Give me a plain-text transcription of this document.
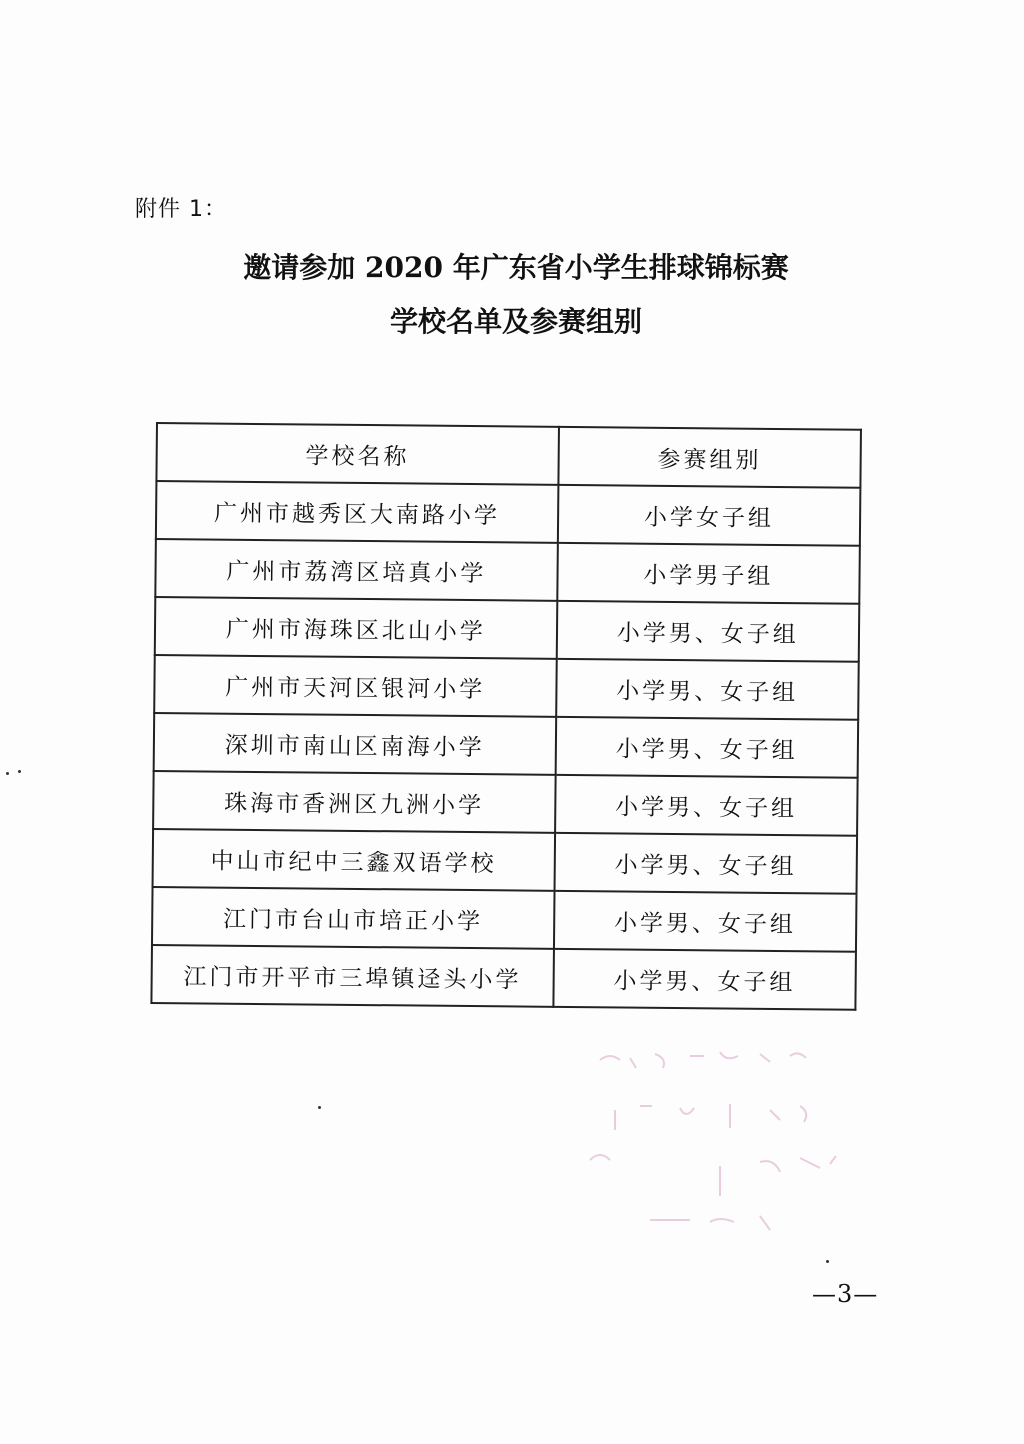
附件 1：
邀请参加 2020 年广东省小学生排球锦标赛
学校名单及参赛组别
学校名称	参赛组别
广州市越秀区大南路小学	小学女子组
广州市荔湾区培真小学	小学男子组
广州市海珠区北山小学	小学男、女子组
广州市天河区银河小学	小学男、女子组
深圳市南山区南海小学	小学男、女子组
珠海市香洲区九洲小学	小学男、女子组
中山市纪中三鑫双语学校	小学男、女子组
江门市台山市培正小学	小学男、女子组
江门市开平市三埠镇迳头小学	小学男、女子组
—3—
